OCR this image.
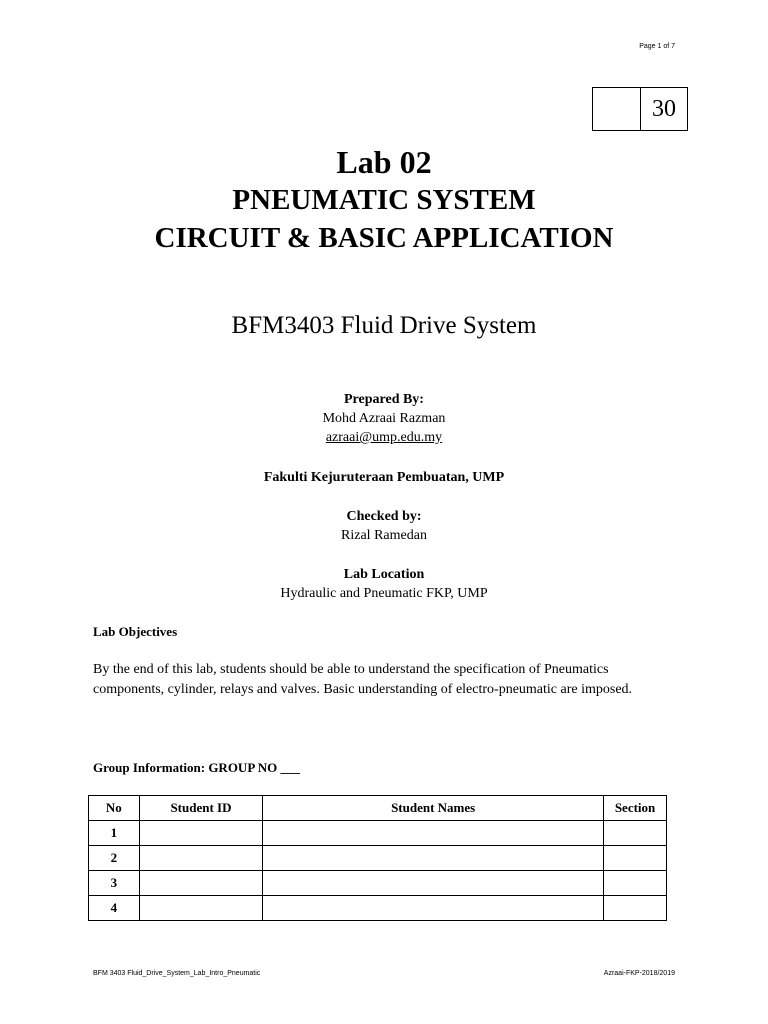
Page 1 of 7
30
Lab 02
PNEUMATIC SYSTEM
CIRCUIT & BASIC APPLICATION
BFM3403 Fluid Drive System
Prepared By:
Mohd Azraai Razman
azraai@ump.edu.my
Fakulti Kejuruteraan Pembuatan, UMP
Checked by:
Rizal Ramedan
Lab Location
Hydraulic and Pneumatic FKP, UMP
Lab Objectives
By the end of this lab, students should be able to understand the specification of Pneumatics components, cylinder, relays and valves. Basic understanding of electro-pneumatic are imposed.
Group Information: GROUP NO ___
No	Student ID	Student Names	Section
1			
2			
3			
4			
BFM 3403 Fluid_Drive_System_Lab_Intro_Pneumatic	Azraai-FKP-2018/2019
